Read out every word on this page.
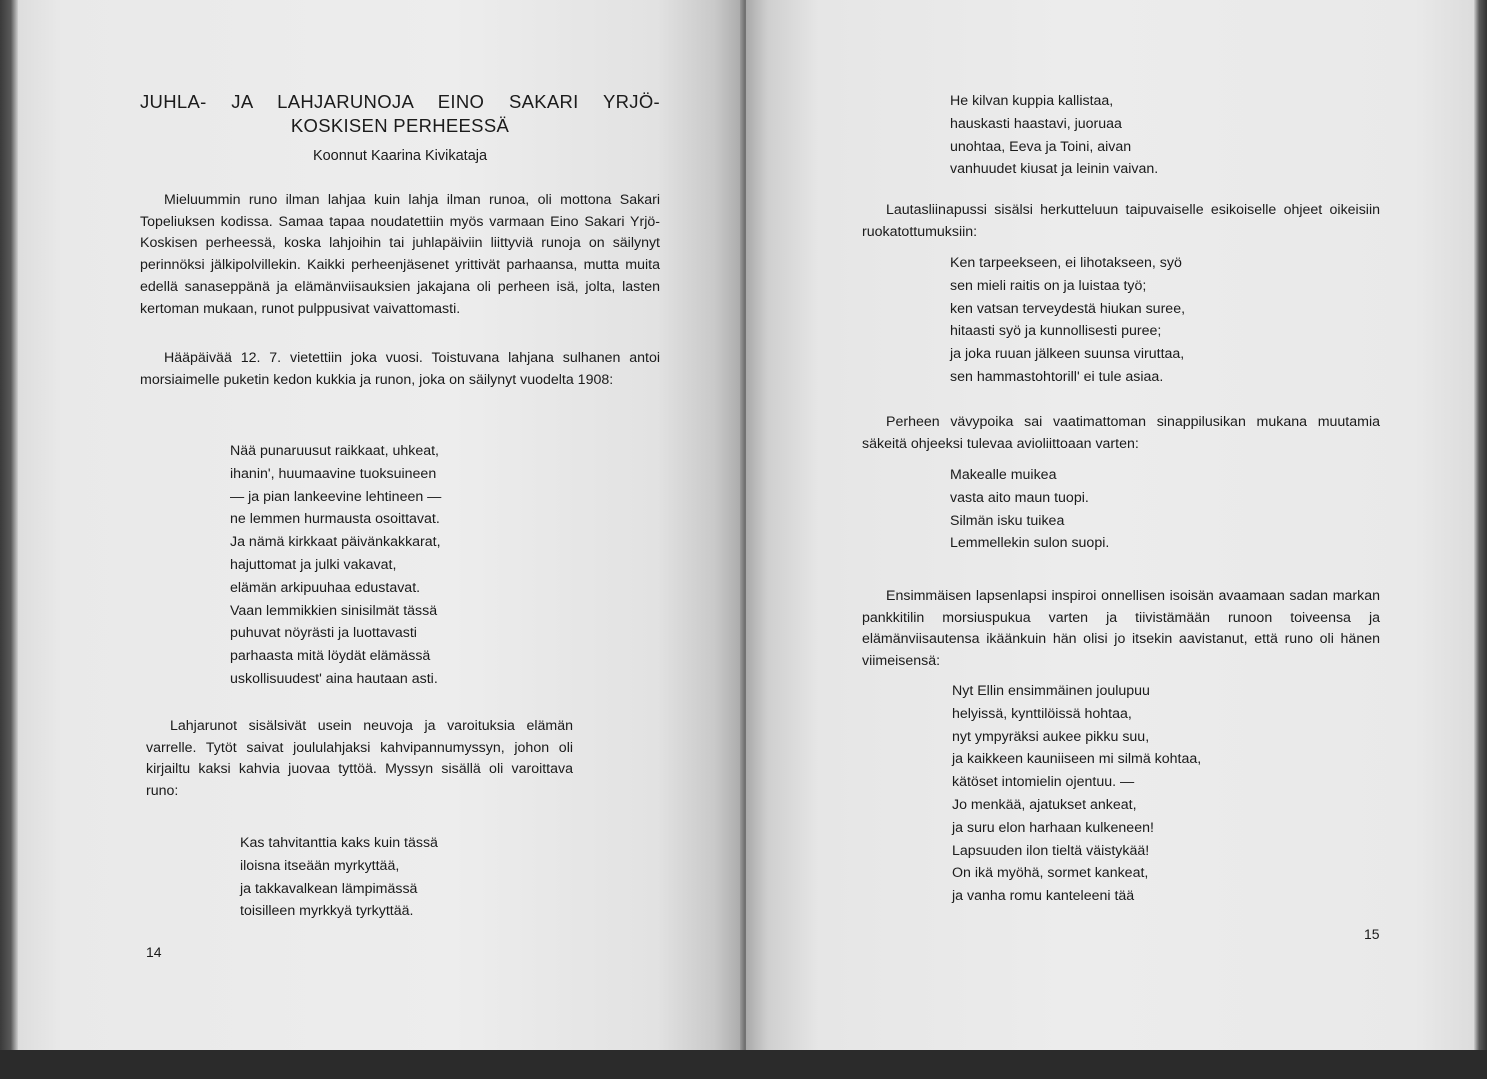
JUHLA- JA LAHJARUNOJA EINO SAKARI YRJÖ-
KOSKISEN PERHEESSÄ
Koonnut Kaarina Kivikataja

Mieluummin runo ilman lahjaa kuin lahja ilman runoa, oli mottona Sakari Topeliuksen kodissa. Samaa tapaa noudatettiin myös varmaan Eino Sakari Yrjö-Koskisen perheessä, koska lahjoihin tai juhlapäiviin liittyviä runoja on säilynyt perinnöksi jälkipolvillekin. Kaikki perheenjäsenet yrittivät parhaansa, mutta muita edellä sanaseppänä ja elämänviisauksien jakajana oli perheen isä, jolta, lasten kertoman mukaan, runot pulppusivat vaivattomasti.

Hääpäivää 12. 7. vietettiin joka vuosi. Toistuvana lahjana sulhanen antoi morsiaimelle puketin kedon kukkia ja runon, joka on säilynyt vuodelta 1908:

Nää punaruusut raikkaat, uhkeat,
ihanin', huumaavine tuoksuineen
— ja pian lankeevine lehtineen —
ne lemmen hurmausta osoittavat.
Ja nämä kirkkaat päivänkakkarat,
hajuttomat ja julki vakavat,
elämän arkipuuhaa edustavat.
Vaan lemmikkien sinisilmät tässä
puhuvat nöyrästi ja luottavasti
parhaasta mitä löydät elämässä
uskollisuudest' aina hautaan asti.

Lahjarunot sisälsivät usein neuvoja ja varoituksia elämän varrelle. Tytöt saivat joululahjaksi kahvipannumyssyn, johon oli kirjailtu kaksi kahvia juovaa tyttöä. Myssyn sisällä oli varoittava runo:

Kas tahvitanttia kaks kuin tässä
iloisna itseään myrkyttää,
ja takkavalkean lämpimässä
toisilleen myrkkyä tyrkyttää.
14
He kilvan kuppia kallistaa,
hauskasti haastavi, juoruaa
unohtaa, Eeva ja Toini, aivan
vanhuudet kiusat ja leinin vaivan.

Lautasliinapussi sisälsi herkutteluun taipuvaiselle esikoiselle ohjeet oikeisiin ruokatottumuksiin:

Ken tarpeekseen, ei lihotakseen, syö
sen mieli raitis on ja luistaa työ;
ken vatsan terveydestä hiukan suree,
hitaasti syö ja kunnollisesti puree;
ja joka ruuan jälkeen suunsa viruttaa,
sen hammastohtorill' ei tule asiaa.

Perheen vävypoika sai vaatimattoman sinappilusikan mukana muutamia säkeitä ohjeeksi tulevaa avioliittoaan varten:

Makealle muikea
vasta aito maun tuopi.
Silmän isku tuikea
Lemmellekin sulon suopi.

Ensimmäisen lapsenlapsi inspiroi onnellisen isoisän avaamaan sadan markan pankkitilin morsiuspukua varten ja tiivistämään runoon toiveensa ja elämänviisautensa ikäänkuin hän olisi jo itsekin aavistanut, että runo oli hänen viimeisensä:

Nyt Ellin ensimmäinen joulupuu
helyissä, kynttilöissä hohtaa,
nyt ympyräksi aukee pikku suu,
ja kaikkeen kauniiseen mi silmä kohtaa,
kätöset intomielin ojentuu. —
Jo menkää, ajatukset ankeat,
ja suru elon harhaan kulkeneen!
Lapsuuden ilon tieltä väistykää!
On ikä myöhä, sormet kankeat,
ja vanha romu kanteleeni tää
15
